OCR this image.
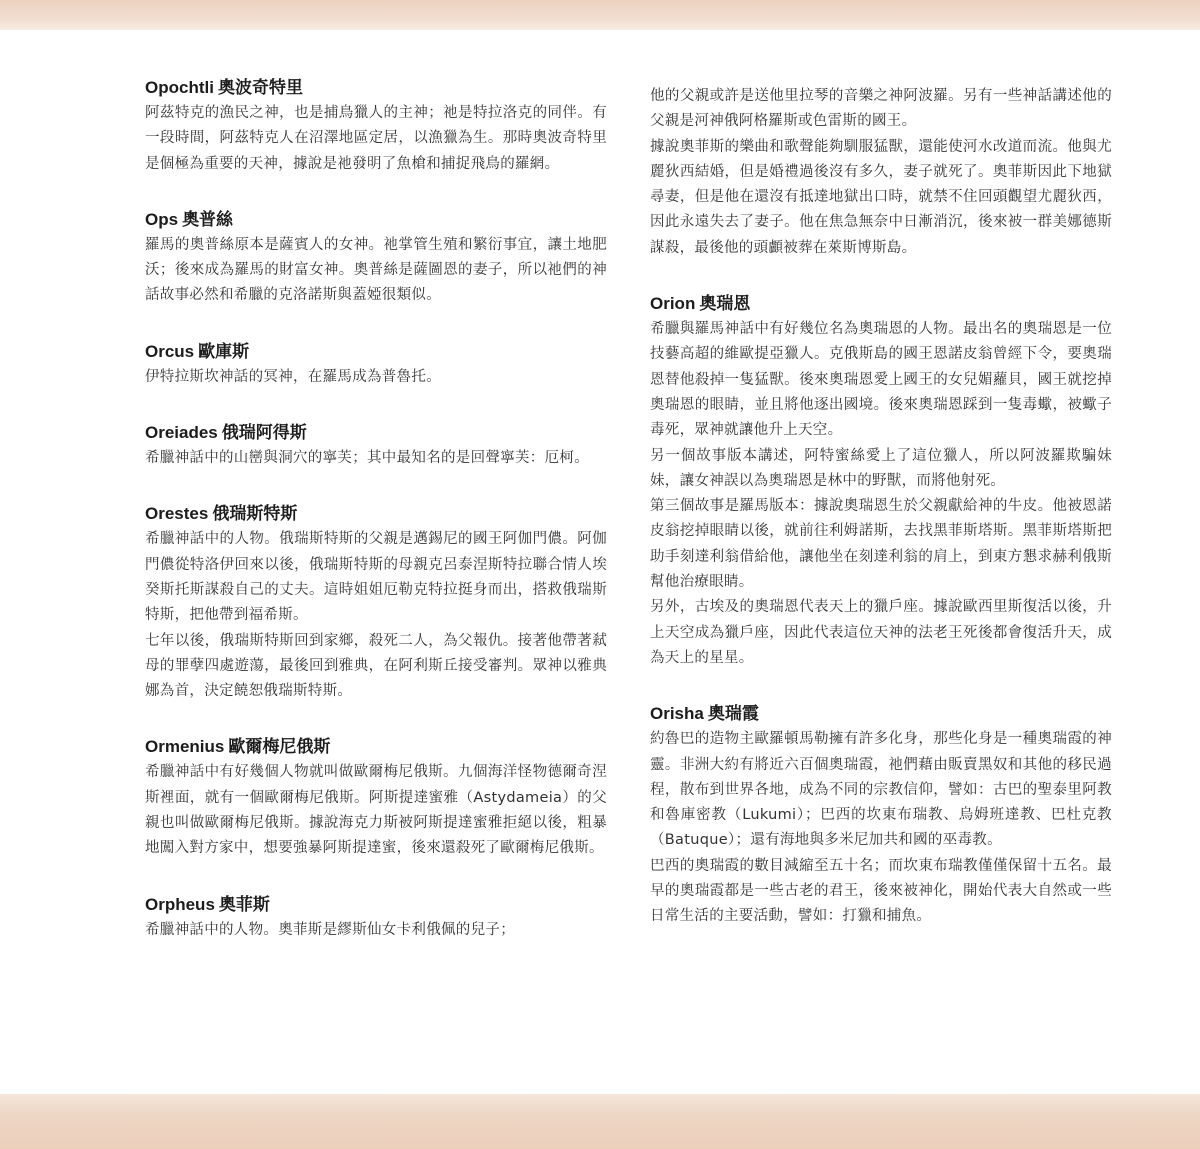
Opochtli 奧波奇特里

阿茲特克的漁民之神，也是捕鳥獵人的主神；祂是特拉洛克的同伴。有一段時間，阿茲特克人在沼澤地區定居，以漁獵為生。那時奧波奇特里是個極為重要的天神，據說是祂發明了魚槍和捕捉飛鳥的羅網。

Ops 奧普絲

羅馬的奧普絲原本是薩賓人的女神。祂掌管生殖和繁衍事宜，讓土地肥沃；後來成為羅馬的財富女神。奧普絲是薩圖恩的妻子，所以祂們的神話故事必然和希臘的克洛諾斯與蓋婭很類似。

Orcus 歐庫斯

伊特拉斯坎神話的冥神，在羅馬成為普魯托。

Oreiades 俄瑞阿得斯

希臘神話中的山巒與洞穴的寧芙；其中最知名的是回聲寧芙：厄柯。

Orestes 俄瑞斯特斯

希臘神話中的人物。俄瑞斯特斯的父親是邁錫尼的國王阿伽門儂。阿伽門儂從特洛伊回來以後，俄瑞斯特斯的母親克呂泰涅斯特拉聯合情人埃癸斯托斯謀殺自己的丈夫。這時姐姐厄勒克特拉挺身而出，搭救俄瑞斯特斯，把他帶到福希斯。

七年以後，俄瑞斯特斯回到家鄉，殺死二人，為父報仇。接著他帶著弒母的罪孽四處遊蕩，最後回到雅典，在阿利斯丘接受審判。眾神以雅典娜為首，決定饒恕俄瑞斯特斯。

Ormenius 歐爾梅尼俄斯

希臘神話中有好幾個人物就叫做歐爾梅尼俄斯。九個海洋怪物德爾奇涅斯裡面，就有一個歐爾梅尼俄斯。阿斯提達蜜雅（Astydameia）的父親也叫做歐爾梅尼俄斯。據說海克力斯被阿斯提達蜜雅拒絕以後，粗暴地闖入對方家中，想要強暴阿斯提達蜜，後來還殺死了歐爾梅尼俄斯。

Orpheus 奧菲斯

希臘神話中的人物。奧菲斯是繆斯仙女卡利俄佩的兒子；

他的父親或許是送他里拉琴的音樂之神阿波羅。另有一些神話講述他的父親是河神俄阿格羅斯或色雷斯的國王。

據說奧菲斯的樂曲和歌聲能夠馴服猛獸，還能使河水改道而流。他與尤麗狄西結婚，但是婚禮過後沒有多久，妻子就死了。奧菲斯因此下地獄尋妻，但是他在還沒有抵達地獄出口時，就禁不住回頭觀望尤麗狄西，因此永遠失去了妻子。他在焦急無奈中日漸消沉，後來被一群美娜德斯謀殺，最後他的頭顱被葬在萊斯博斯島。

Orion 奧瑞恩

希臘與羅馬神話中有好幾位名為奧瑞恩的人物。最出名的奧瑞恩是一位技藝高超的維歐提亞獵人。克俄斯島的國王恩諾皮翁曾經下令，要奧瑞恩替他殺掉一隻猛獸。後來奧瑞恩愛上國王的女兒媚蘿貝，國王就挖掉奧瑞恩的眼睛，並且將他逐出國境。後來奧瑞恩踩到一隻毒蠍，被蠍子毒死，眾神就讓他升上天空。

另一個故事版本講述，阿特蜜絲愛上了這位獵人，所以阿波羅欺騙妹妹，讓女神誤以為奧瑞恩是林中的野獸，而將他射死。

第三個故事是羅馬版本：據說奧瑞恩生於父親獻給神的牛皮。他被恩諾皮翁挖掉眼睛以後，就前往利姆諾斯，去找黑菲斯塔斯。黑菲斯塔斯把助手刻達利翁借給他，讓他坐在刻達利翁的肩上，到東方懇求赫利俄斯幫他治療眼睛。

另外，古埃及的奧瑞恩代表天上的獵戶座。據說歐西里斯復活以後，升上天空成為獵戶座，因此代表這位天神的法老王死後都會復活升天，成為天上的星星。

Orisha 奧瑞霞

約魯巴的造物主歐羅頓馬勒擁有許多化身，那些化身是一種奧瑞霞的神靈。非洲大約有將近六百個奧瑞霞，祂們藉由販賣黑奴和其他的移民過程，散布到世界各地，成為不同的宗教信仰，譬如：古巴的聖泰里阿教和魯庫密教（Lukumi）；巴西的坎東布瑞教、烏姆班達教、巴杜克教（Batuque）；還有海地與多米尼加共和國的巫毒教。

巴西的奧瑞霞的數目減縮至五十名；而坎東布瑞教僅僅保留十五名。最早的奧瑞霞都是一些古老的君王，後來被神化，開始代表大自然或一些日常生活的主要活動，譬如：打獵和捕魚。
